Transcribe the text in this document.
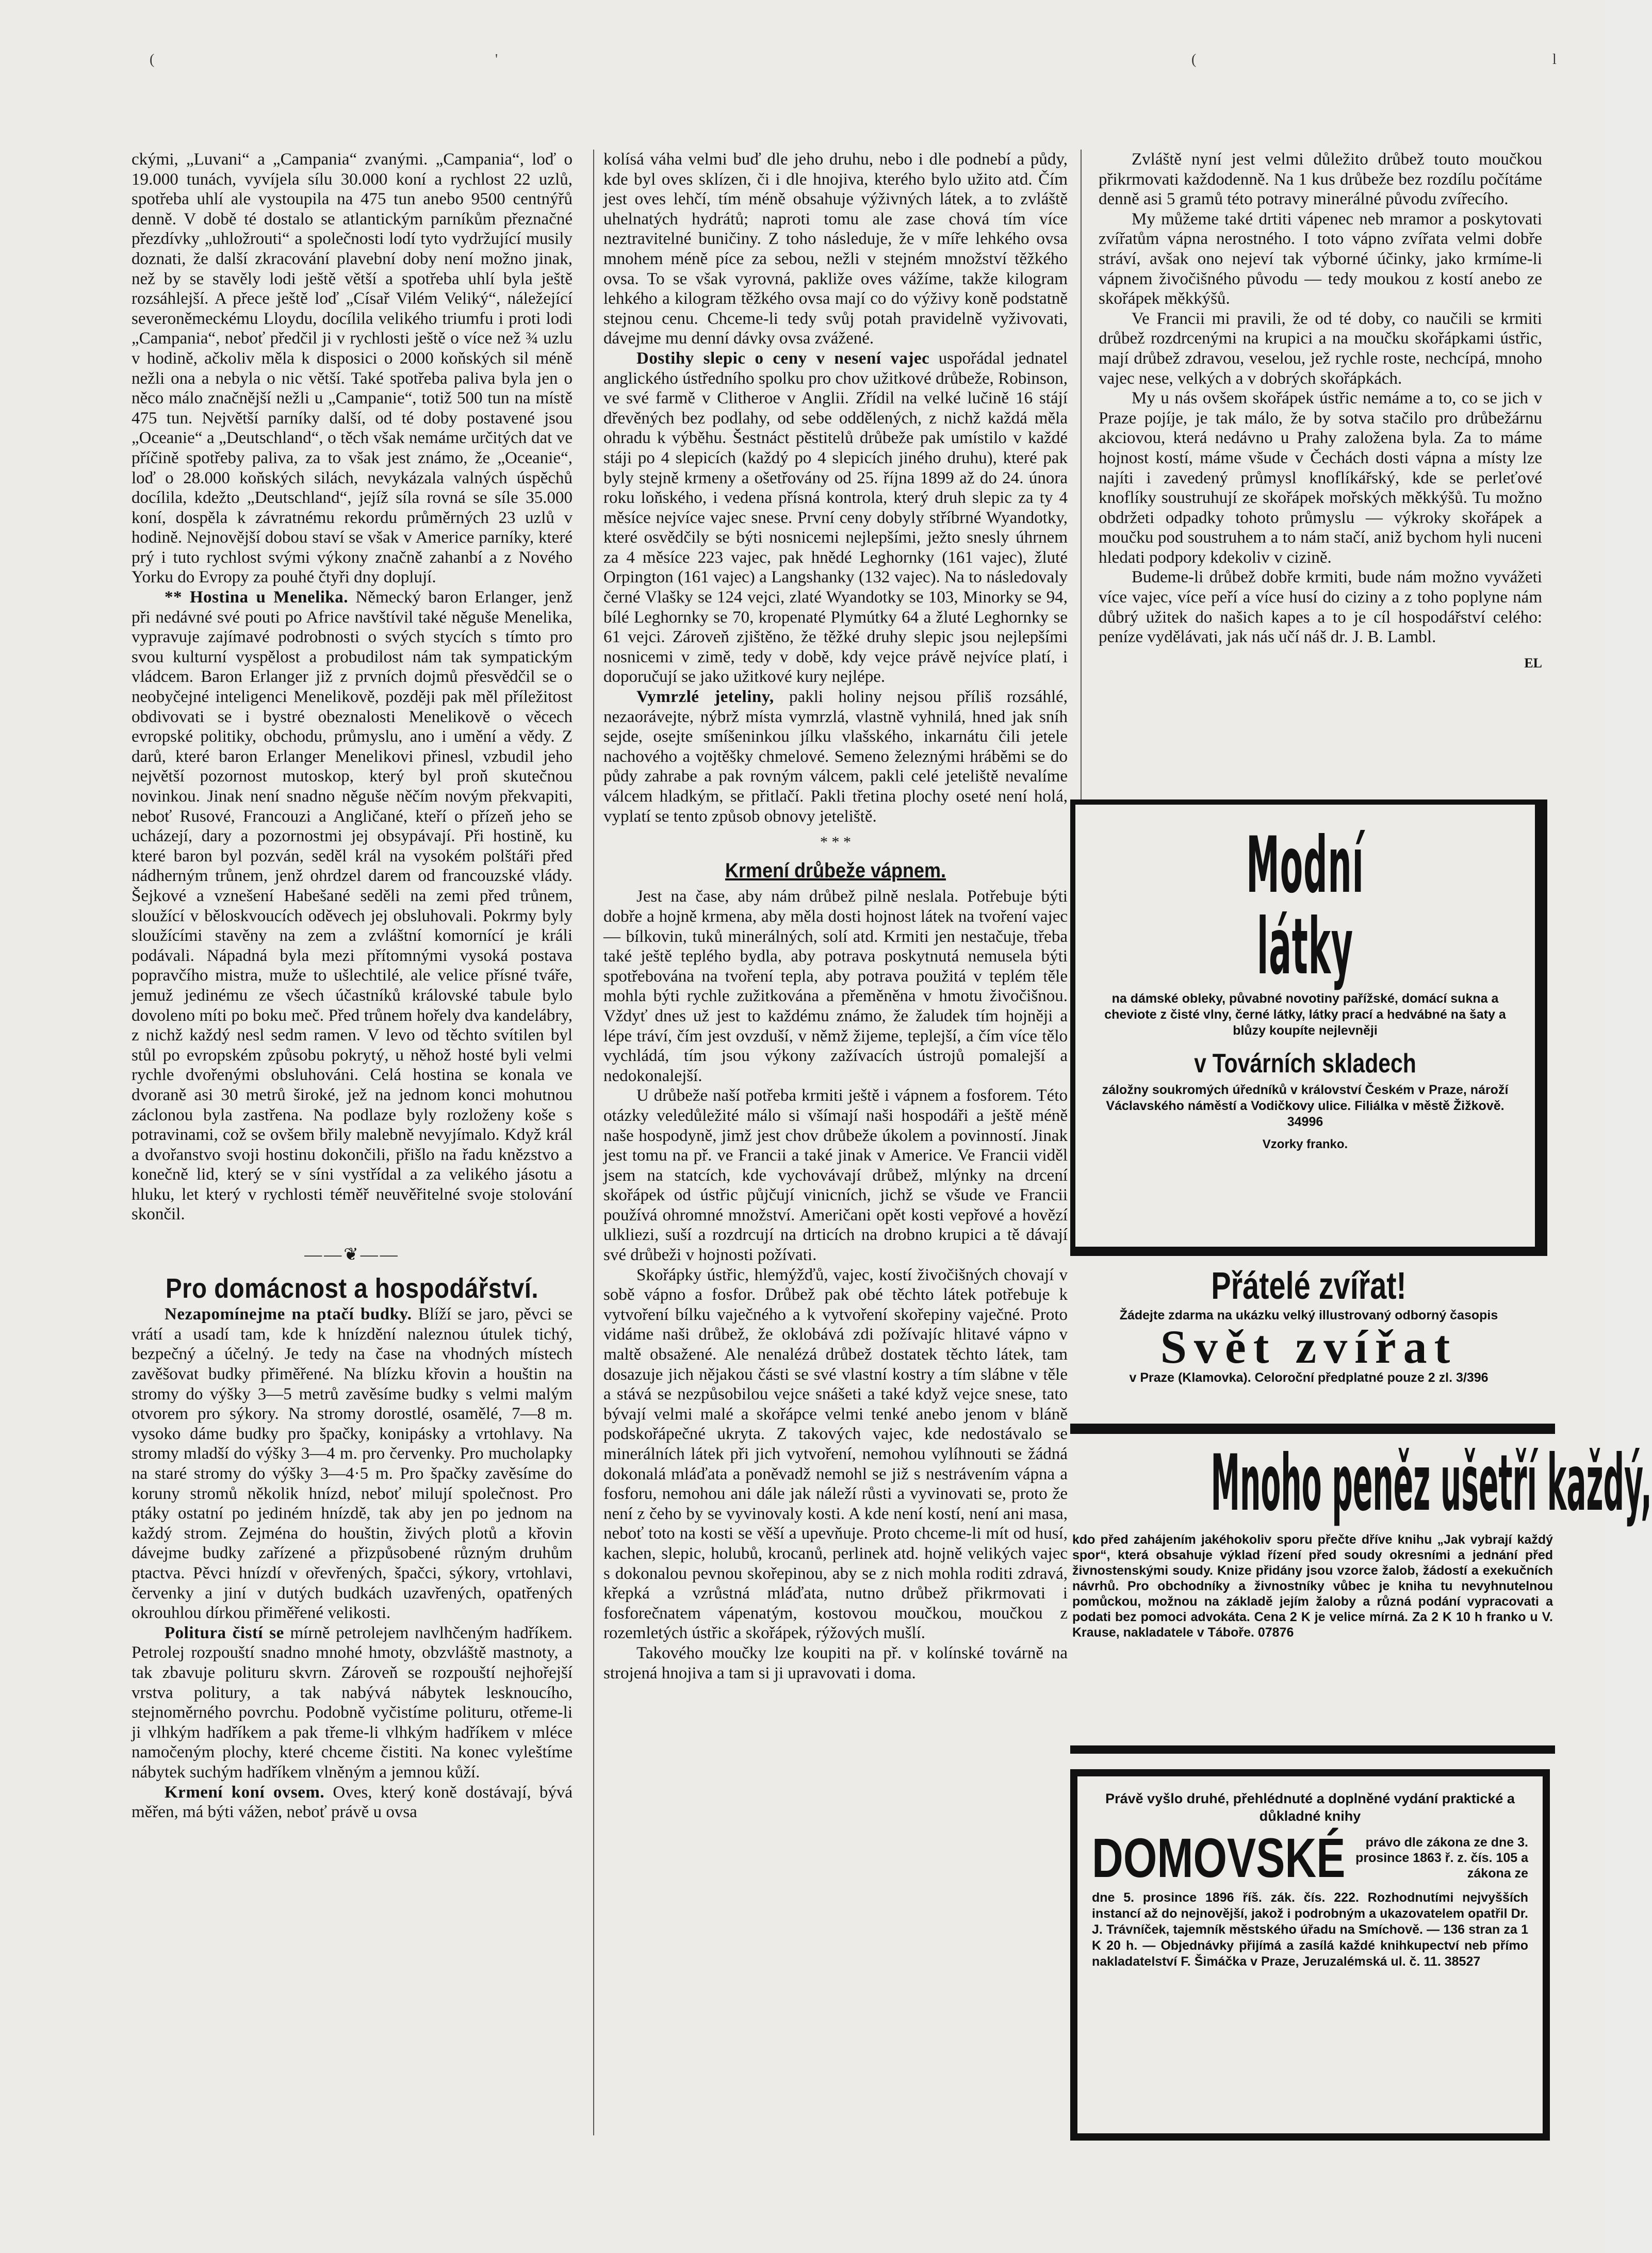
(	'	(	l

ckými, „Luvani“ a „Campania“ zvanými. „Campania“, loď o 19.000 tunách, vyvíjela sílu 30.000 koní a rychlost 22 uzlů, spotřeba uhlí ale vystoupila na 475 tun anebo 9500 centnýřů denně. V době té dostalo se atlantickým parníkům přeznačné přezdívky „uhložrouti“ a společnosti lodí tyto vydržující musily doznati, že další zkracování plavební doby není možno jinak, než by se stavěly lodi ještě větší a spotřeba uhlí byla ještě rozsáhlejší. A přece ještě loď „Císař Vilém Veliký“, náležející severoněmeckému Lloydu, docílila velikého triumfu i proti lodi „Campania“, neboť předčil ji v rychlosti ještě o více než ¾ uzlu v hodině, ačkoliv měla k disposici o 2000 koňských sil méně nežli onа a nebyla o nic větší. Také spotřeba paliva byla jen o něco málo značnější nežli u „Campanie“, totiž 500 tun na místě 475 tun. Největší parníky další, od té doby postavené jsou „Oceanie“ a „Deutschland“, o těch však nemáme určitých dat ve příčině spotřeby paliva, za to však jest známo, že „Oceanie“, loď o 28.000 koňských silách, nevykázala valných úspěchů docílila, kdežto „Deutschland“, jejíž síla rovná se síle 35.000 koní, dospěla k závratnému rekordu průměrných 23 uzlů v hodině. Nejnovější dobou staví se však v Americe parníky, které prý i tuto rychlost svými výkony značně zahanbí a z Nového Yorku do Evropy za pouhé čtyři dny doplují.

** Hostina u Menelika. Německý baron Erlanger, jenž při nedávné své pouti po Africe navštívil také něguše Menelika, vypravuje zajímavé podrobnosti o svých stycích s tímto pro svou kulturní vyspělost a probudilost nám tak sympatickým vládcem. Baron Erlanger již z prvních dojmů přesvědčil se o neobyčejné inteligenci Menelikově, později pak měl příležitost obdivovati se i bystré obeznalosti Menelikově o věcech evropské politiky, obchodu, průmyslu, ano i umění a vědy. Z darů, které baron Erlanger Menelikovi přinesl, vzbudil jeho největší pozornost mutoskop, který byl proň skutečnou novinkou. Jinak není snadno něguše něčím novým překvapiti, neboť Rusové, Francouzi a Angličané, kteří o přízeň jeho se ucházejí, dary a pozornostmi jej obsypávají. Při hostině, ku které baron byl pozván, seděl král na vysokém polštáři před nádherným trůnem, jenž ohrdzel darem od francouzské vlády. Šejkové a vznešení Habešané seděli na zemi před trůnem, sloužící v běloskvoucích oděvech jej obsluhovali. Pokrmy byly sloužícími stavěny na zem a zvláštní komornící je králi podávali. Nápadná byla mezi přítomnými vysoká postava popravčího mistra, muže to ušlechtilé, ale velice přísné tváře, jemuž jedinému ze všech účastníků královské tabule bylo dovoleno míti po boku meč. Před trůnem hořely dva kandelábry, z nichž každý nesl sedm ramen. V levo od těchto svítilen byl stůl po evropském způsobu pokrytý, u něhož hosté byli velmi rychle dvořenými obsluhováni. Celá hostina se konala ve dvoraně asi 30 metrů široké, jež na jednom konci mohutnou záclonou byla zastřena. Na podlaze byly rozloženy koše s potravinami, což se ovšem břily malebně nevyjímalo. Když král a dvořanstvo svoji hostinu dokončili, přišlo na řadu knězstvo a konečně lid, který se v síni vystřídal a za velikého jásotu a hluku, let který v rychlosti téměř neuvěřitelné svoje stolování skončil.

——❦——
Pro domácnost a hospodářství.

Nezapomínejme na ptačí budky. Blíží se jaro, pěvci se vrátí a usadí tam, kde k hnízdění naleznou útulek tichý, bezpečný a účelný. Je tedy na čase na vhodných místech zavěšovat budky přiměřené. Na blízku křovin a houštin na stromy do výšky 3—5 metrů zavěsíme budky s velmi malým otvorem pro sýkory. Na stromy dorostlé, osamělé, 7—8 m. vysoko dáme budky pro špačky, konipásky a vrtohlavy. Na stromy mladší do výšky 3—4 m. pro červenky. Pro mucholapky na staré stromy do výšky 3—4·5 m. Pro špačky zavěsíme do koruny stromů několik hnízd, neboť milují společnost. Pro ptáky ostatní po jediném hnízdě, tak aby jen po jednom na každý strom. Zejména do houštin, živých plotů a křovin dávejme budky zařízené a přizpůsobené různým druhům ptactva. Pěvci hnízdí v ořevřených, špačci, sýkory, vrtohlavi, červenky a jiní v dutých budkách uzavřených, opatřených okrouhlou dírkou přiměřené velikosti.

Politura čistí se mírně petrolejem navlhčeným hadříkem. Petrolej rozpouští snadno mnohé hmoty, obzvláště mastnoty, a tak zbavuje polituru skvrn. Zároveň se rozpouští nejhořejší vrstva politury, a tak nabývá nábytek lesknoucího, stejnoměrného povrchu. Podobně vyčistíme polituru, otřeme-li ji vlhkým hadříkem a pak třeme-li vlhkým hadříkem v mléce namočeným plochy, které chceme čistiti. Na konec vyleštíme nábytek suchým hadříkem vlněným a jemnou kůží.

Krmení koní ovsem. Oves, který koně dostávají, bývá měřen, má býti vážen, neboť právě u ovsa

kolísá váha velmi buď dle jeho druhu, nebo i dle podnebí a půdy, kde byl oves sklízen, či i dle hnojiva, kterého bylo užito atd. Čím jest oves lehčí, tím méně obsahuje výživných látek, a to zvláště uhelnatých hydrátů; naproti tomu ale zase chová tím více neztravitelné buničiny. Z toho následuje, že v míře lehkého ovsa mnohem méně píce za sebou, nežli v stejném množství těžkého ovsa. To se však vyrovná, pakliže oves vážíme, takže kilogram lehkého a kilogram těžkého ovsa mají co do výživy koně podstatně stejnou cenu. Chceme-li tedy svůj potah pravidelně vyživovati, dávejme mu denní dávky ovsa zvážené.

Dostihy slepic o ceny v nesení vajec uspořádal jednatel anglického ústředního spolku pro chov užitkové drůbeže, Robinson, ve své farmě v Clitheroe v Anglii. Zřídil na velké lučině 16 stájí dřevěných bez podlahy, od sebe oddělených, z nichž každá měla ohradu k výběhu. Šestnáct pěstitelů drůbeže pak umístilo v každé stáji po 4 slepicích (každý po 4 slepicích jiného druhu), které pak byly stejně krmeny a ošetřovány od 25. října 1899 až do 24. února roku loňského, i vedena přísná kontrola, který druh slepic za ty 4 měsíce nejvíce vajec snese. První ceny dobyly stříbrné Wyandotky, které osvědčily se býti nosnicemi nejlepšími, ježto snesly úhrnem za 4 měsíce 223 vajec, pak hnědé Leghornky (161 vajec), žluté Orpington (161 vajec) a Langshanky (132 vajec). Na to následovaly černé Vlašky se 124 vejci, zlaté Wyandotky se 103, Minorky se 94, bílé Leghornky se 70, kropenaté Plymútky 64 a žluté Leghornky se 61 vejci. Zároveň zjištěno, že těžké druhy slepic jsou nejlepšími nosnicemi v zimě, tedy v době, kdy vejce právě nejvíce platí, i doporučují se jako užitkové kury nejlépe.

Vymrzlé jeteliny, pakli holiny nejsou příliš rozsáhlé, nezaorávejte, nýbrž místa vymrzlá, vlastně vyhnilá, hned jak sníh sejde, osejte smíšeninkou jílku vlašského, inkarnátu čili jetele nachového a vojtěšky chmelové. Semeno železnými hráběmi se do půdy zahrabe a pak rovným válcem, pakli celé jeteliště nevalíme válcem hladkým, se přitlačí. Pakli třetina plochy oseté není holá, vyplatí se tento způsob obnovy jeteliště.

* * *
Krmení drůbeže vápnem.

Jest na čase, aby nám drůbež pilně neslala. Potřebuje býti dobře a hojně krmena, aby měla dosti hojnost látek na tvoření vajec — bílkovin, tuků minerálných, solí atd. Krmiti jen nestačuje, třeba také ještě teplého bydla, aby potrava poskytnutá nemusela býti spotřebována na tvoření tepla, aby potrava použitá v teplém těle mohla býti rychle zužitkována a přeměněna v hmotu živočišnou. Vždyť dnes už jest to každému známo, že žaludek tím hojněji a lépe tráví, čím jest ovzduší, v němž žijeme, teplejší, a čím více tělo vychládá, tím jsou výkony zažívacích ústrojů pomalejší a nedokonalejší.

U drůbeže naší potřeba krmiti ještě i vápnem a fosforem. Této otázky veledůležité málo si všímají naši hospodáři a ještě méně naše hospodyně, jimž jest chov drůbeže úkolem a povinností. Jinak jest tomu na př. ve Francii a také jinak v Americe. Ve Francii viděl jsem na statcích, kde vychovávají drůbež, mlýnky na drcení skořápek od ústřic půjčují vinicních, jichž se všude ve Francii používá ohromné množství. Američani opět kosti vepřové a hovězí ulkliezi, suší a rozdrcují na drticích na drobno krupici a tě dávají své drůbeži v hojnosti požívati.

Skořápky ústřic, hlemýžďů, vajec, kostí živočišných chovají v sobě vápno a fosfor. Drůbež pak obé těchto látek potřebuje k vytvoření bílku vaječného a k vytvoření skořepiny vaječné. Proto vidáme naši drůbež, že oklobává zdi požívajíc hlitavé vápno v maltě obsažené. Ale nenalézá drůbež dostatek těchto látek, tam dosazuje jich nějakou části se své vlastní kostry a tím slábne v těle a stává se nezpůsobilou vejce snášeti a také když vejce snese, tato bývají velmi malé a skořápce velmi tenké anebo jenom v bláně podskořápečné ukryta. Z takových vajec, kde nedostávalo se minerálních látek při jich vytvoření, nemohou vylíhnouti se žádná dokonalá mláďata a poněvadž nemohl se již s nestrávením vápna a fosforu, nemohou ani dále jak náleží růsti a vyvinovati se, proto že není z čeho by se vyvinovaly kosti. A kde není kostí, není ani masa, neboť toto na kosti se věší a upevňuje. Proto chceme-li mít od husí, kachen, slepic, holubů, krocanů, perlinek atd. hojně velikých vajec s dokonalou pevnou skořepinou, aby se z nich mohla roditi zdravá, křepká a vzrůstná mláďata, nutno drůbež přikrmovati i fosforečnatem vápenatým, kostovou moučkou, moučkou z rozemletých ústřic a skořápek, rýžových mušlí.

Takového moučky lze koupiti na př. v kolínské továrně na strojená hnojiva a tam si ji upravovati i doma.

Zvláště nyní jest velmi důležito drůbež touto moučkou přikrmovati každodenně. Na 1 kus drůbeže bez rozdílu počítáme denně asi 5 gramů této potravy minerálné původu zvířecího.

My můžeme také drtiti vápenec neb mramor a poskytovati zvířatům vápna nerostného. I toto vápno zvířata velmi dobře stráví, avšak ono nejeví tak výborné účinky, jako krmíme-li vápnem živočišného původu — tedy moukou z kostí anebo ze skořápek měkkýšů.

Ve Francii mi pravili, že od té doby, co naučili se krmiti drůbež rozdrcenými na krupici a na moučku skořápkami ústřic, mají drůbež zdravou, veselou, jež rychle roste, nechcípá, mnoho vajec nese, velkých a v dobrých skořápkách.

My u nás ovšem skořápek ústřic nemáme a to, co se jich v Praze pojíje, je tak málo, že by sotva stačilo pro drůbežárnu akciovou, která nedávno u Prahy založena byla. Za to máme hojnost kostí, máme všude v Čechách dosti vápna a místy lze najíti i zavedený průmysl knoflíkářský, kde se perleťové knoflíky soustruhují ze skořápek mořských měkkýšů. Tu možno obdržeti odpadky tohoto průmyslu — výkroky skořápek a moučku pod soustruhem a to nám stačí, aniž bychom hyli nuceni hledati podpory kdekoliv v cizině.

Budeme-li drůbež dobře krmiti, bude nám možno vyvážeti více vajec, více peří a více husí do ciziny a z toho poplyne nám důbrý užitek do našich kapes a to je cíl hospodářství celého: peníze vydělávati, jak nás učí náš dr. J. B. Lambl.

EL
Modní látky
na dámské obleky, půvabné novotiny pařížské, domácí sukna a cheviote z čisté vlny, černé látky, látky prací a hedvábné na šaty a blůzy koupíte nejlevněji
v Továrních skladech
záložny soukromých úředníků v království Českém v Praze, nároží Václavského náměstí a Vodičkovy ulice. Filiálka v městě Žižkově. 34996
Vzorky franko.
Přátelé zvířat!
Žádejte zdarma na ukázku velký illustrovaný odborný časopis
Svět zvířat
v Praze (Klamovka). Celoroční předplatné pouze 2 zl. 3/396
Mnoho peněz ušetří každý,
kdo před zahájením jakéhokoliv sporu přečte dříve knihu „Jak vybrají každý spor“, která obsahuje výklad řízení před soudy okresními a jednání před živnostenskými soudy. Knize přidány jsou vzorce žalob, žádostí a exekučních návrhů. Pro obchodníky a živnostníky vůbec je kniha tu nevyhnutelnou pomůckou, možnou na základě jejím žaloby a různá podání vypracovati a podati bez pomoci advokáta. Cena 2 K je velice mírná. Za 2 K 10 h franko u V. Krause, nakladatele v Táboře. 07876
Právě vyšlo druhé, přehlédnuté a doplněné vydání praktické a důkladné knihy
DOMOVSKÉ	právo dle zákona ze dne 3. prosince 1863 ř. z. čís. 105 a zákona ze
dne 5. prosince 1896 říš. zák. čís. 222. Rozhodnutími nejvyšších instancí až do nejnovější, jakož i podrobným a ukazovatelem opatřil Dr. J. Trávníček, tajemník městského úřadu na Smíchově. — 136 stran za 1 K 20 h. — Objednávky přijímá a zasílá každé knihkupectví neb přímo nakladatelství F. Šimáčka v Praze, Jeruzalémská ul. č. 11. 38527
